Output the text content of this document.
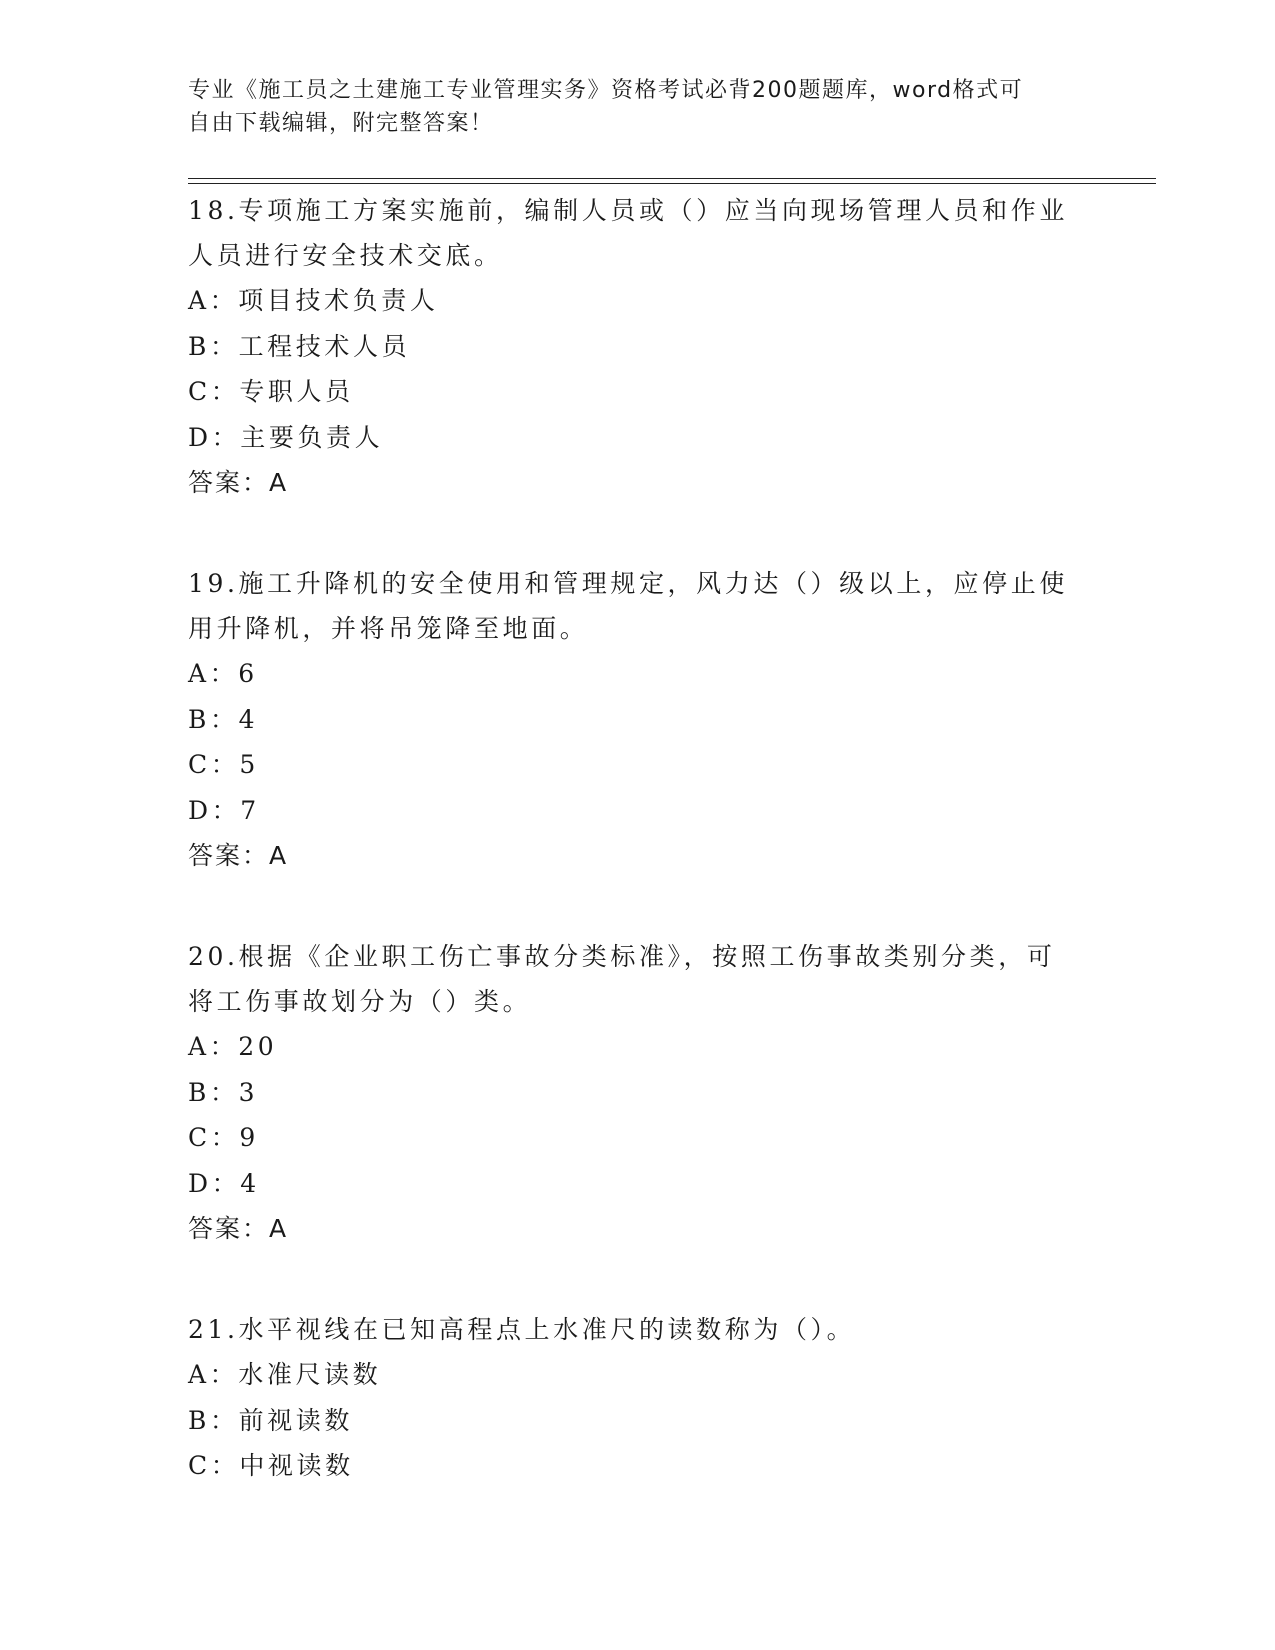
专业《施工员之土建施工专业管理实务》资格考试必背200题题库，word格式可
自由下载编辑，附完整答案！
18.专项施工方案实施前，编制人员或（）应当向现场管理人员和作业
人员进行安全技术交底。
A：项目技术负责人
B：工程技术人员
C：专职人员
D：主要负责人
答案：A
19.施工升降机的安全使用和管理规定，风力达（）级以上，应停止使
用升降机，并将吊笼降至地面。
A：6
B：4
C：5
D：7
答案：A
20.根据《企业职工伤亡事故分类标准》，按照工伤事故类别分类，可
将工伤事故划分为（）类。
A：20
B：3
C：9
D：4
答案：A
21.水平视线在已知高程点上水准尺的读数称为（）。
A：水准尺读数
B：前视读数
C：中视读数
